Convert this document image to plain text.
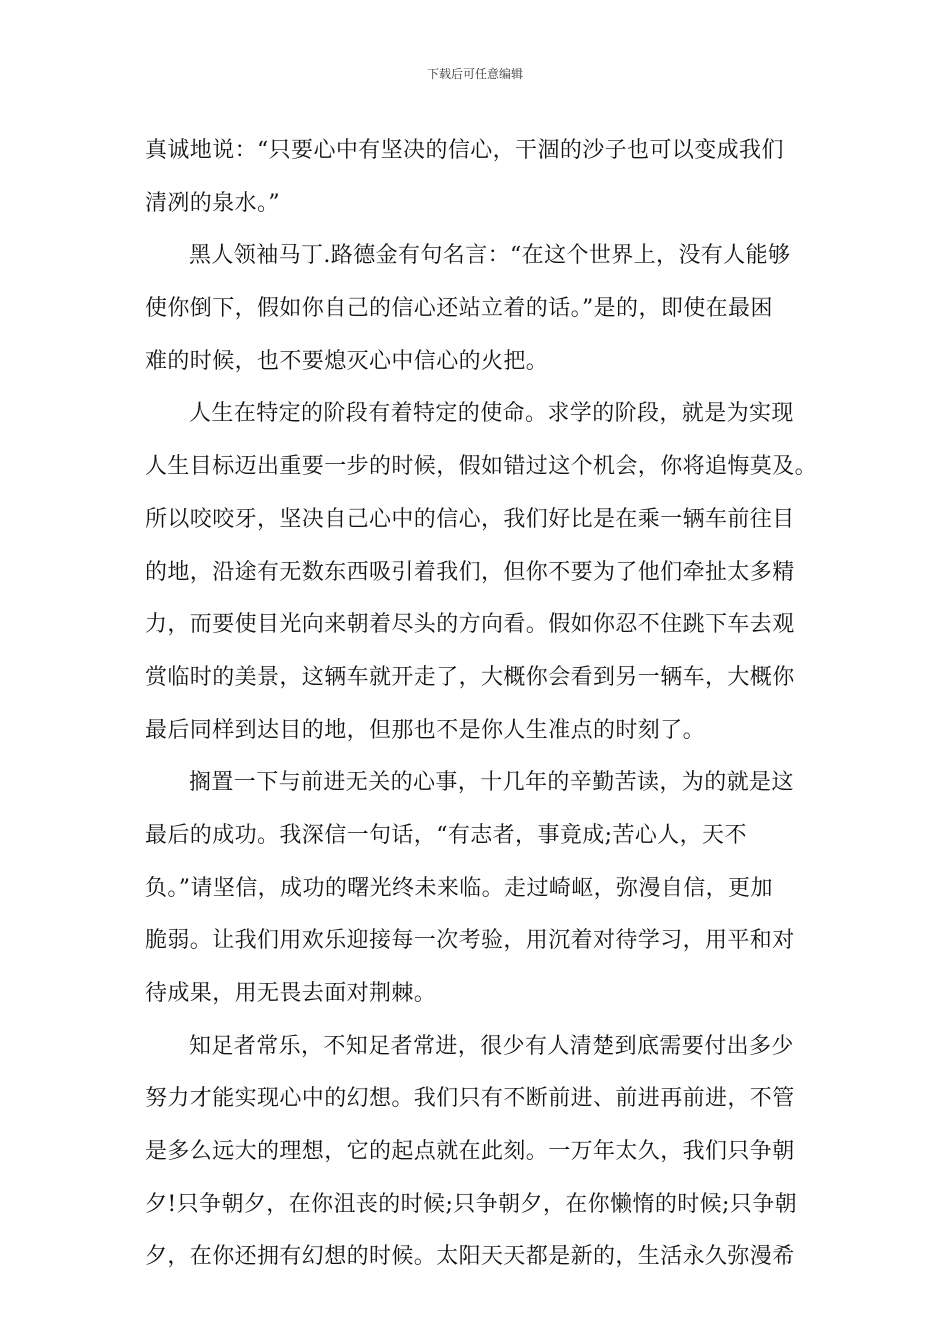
下载后可任意编辑
真诚地说：“只要心中有坚决的信心，干涸的沙子也可以变成我们
清冽的泉水。”
黑人领袖马丁.路德金有句名言：“在这个世界上，没有人能够
使你倒下，假如你自己的信心还站立着的话。”是的，即使在最困
难的时候，也不要熄灭心中信心的火把。
人生在特定的阶段有着特定的使命。求学的阶段，就是为实现
人生目标迈出重要一步的时候，假如错过这个机会，你将追悔莫及。
所以咬咬牙，坚决自己心中的信心，我们好比是在乘一辆车前往目
的地，沿途有无数东西吸引着我们，但你不要为了他们牵扯太多精
力，而要使目光向来朝着尽头的方向看。假如你忍不住跳下车去观
赏临时的美景，这辆车就开走了，大概你会看到另一辆车，大概你
最后同样到达目的地，但那也不是你人生准点的时刻了。
搁置一下与前进无关的心事，十几年的辛勤苦读，为的就是这
最后的成功。我深信一句话，“有志者，事竟成;苦心人，天不
负。”请坚信，成功的曙光终未来临。走过崎岖，弥漫自信，更加
脆弱。让我们用欢乐迎接每一次考验，用沉着对待学习，用平和对
待成果，用无畏去面对荆棘。
知足者常乐，不知足者常进，很少有人清楚到底需要付出多少
努力才能实现心中的幻想。我们只有不断前进、前进再前进，不管
是多么远大的理想，它的起点就在此刻。一万年太久，我们只争朝
夕!只争朝夕，在你沮丧的时候;只争朝夕，在你懒惰的时候;只争朝
夕，在你还拥有幻想的时候。太阳天天都是新的，生活永久弥漫希
